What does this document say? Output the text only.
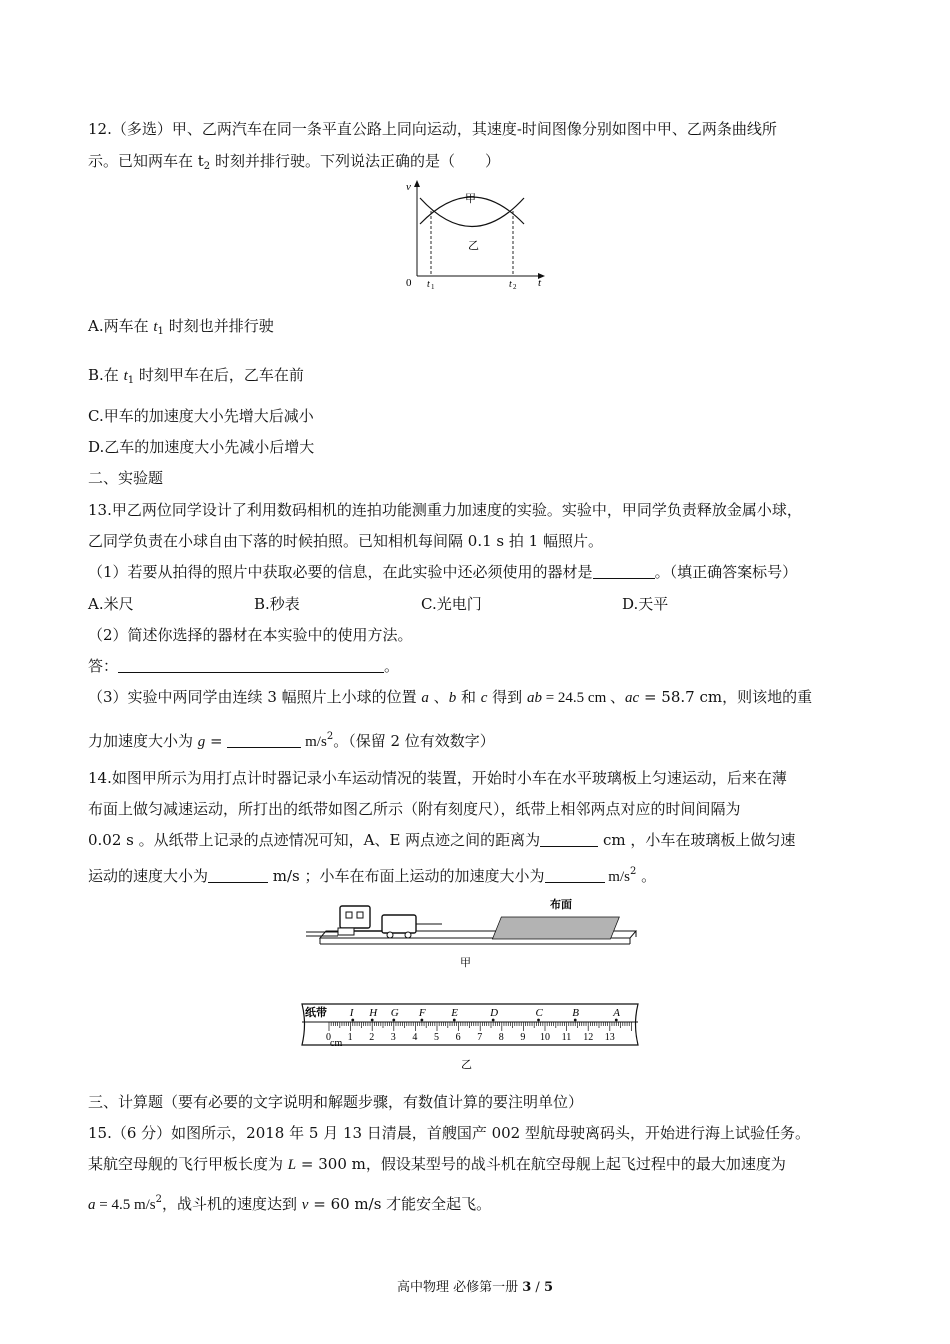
12.（多选）甲、乙两汽车在同一条平直公路上同向运动，其速度-时间图像分别如图中甲、乙两条曲线所
示。已知两车在 $t_2$ 时刻并排行驶。下列说法正确的是（　　）
v
t
0
甲
乙
t 1	t 2
A.两车在 $t_1$ 时刻也并排行驶
B.在 $t_1$ 时刻甲车在后，乙车在前
C.甲车的加速度大小先增大后减小
D.乙车的加速度大小先减小后增大
二、实验题
13.甲乙两位同学设计了利用数码相机的连拍功能测重力加速度的实验。实验中，甲同学负责释放金属小球，
乙同学负责在小球自由下落的时候拍照。已知相机每间隔 0.1 s 拍 1 幅照片。
（1）若要从拍得的照片中获取必要的信息，在此实验中还必须使用的器材是	。（填正确答案标号）
A.米尺	B.秒表	C.光电门	D.天平
（2）简述你选择的器材在本实验中的使用方法。
答：	。
（3）实验中两同学由连续 3 幅照片上小球的位置 a 、b 和 c 得到 ab = 24.5 cm 、ac = 58.7 cm，则该地的重
力加速度大小为 g =	$m/s^2$。（保留 2 位有效数字）
14.如图甲所示为用打点计时器记录小车运动情况的装置，开始时小车在水平玻璃板上匀速运动，后来在薄
布面上做匀减速运动，所打出的纸带如图乙所示（附有刻度尺），纸带上相邻两点对应的时间间隔为
0.02 s 。从纸带上记录的点迹情况可知，A、E 两点迹之间的距离为	cm ，小车在玻璃板上做匀速
运动的速度大小为	m/s ；小车在布面上运动的加速度大小为	$m/s^2$ 。
布面
甲
纸带 I H G F E	D	C	B	A
0 1 2 3 4 5 6 7 8 9 10 11 12 13
cm
乙
三、计算题（要有必要的文字说明和解题步骤，有数值计算的要注明单位）
15.（6 分）如图所示，2018 年 5 月 13 日清晨，首艘国产 002 型航母驶离码头，开始进行海上试验任务。
某航空母舰的飞行甲板长度为 L = 300 m，假设某型号的战斗机在航空母舰上起飞过程中的最大加速度为
a = 4.5 $m/s^2$，战斗机的速度达到 v = 60 m/s 才能安全起飞。
高中物理 必修第一册 3 / 5
